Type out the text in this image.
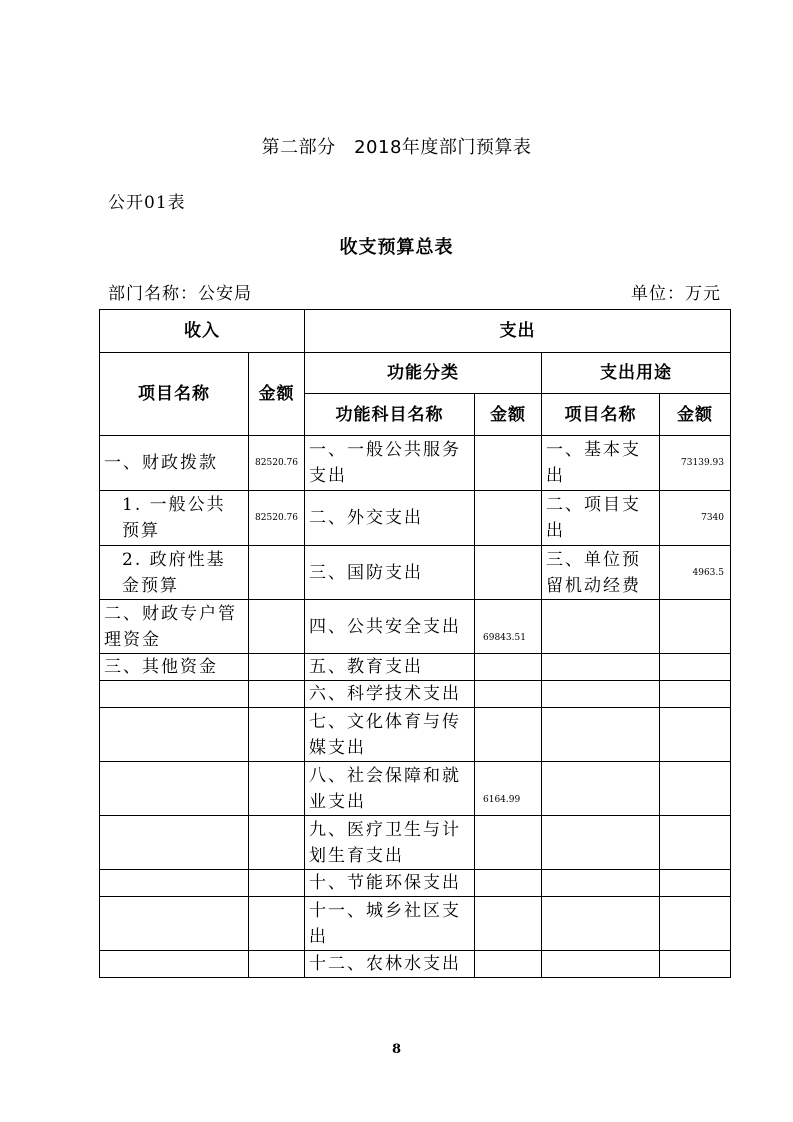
第二部分　2018年度部门预算表
公开01表
收支预算总表
部门名称：公安局	单位：万元
收入		支出			
项目名称	金额	功能分类		支出用途	
		功能科目名称	金额	项目名称	金额
一、财政拨款	82520.76	一、一般公共服务支出		一、基本支出	73139.93
1. 一般公共预算	82520.76	二、外交支出		二、项目支出	7340
2. 政府性基金预算		三、国防支出		三、单位预留机动经费	4963.5
二、财政专户管理资金		四、公共安全支出	69843.51		
三、其他资金		五、教育支出			
		六、科学技术支出			
		七、文化体育与传媒支出			
		八、社会保障和就业支出	6164.99		
		九、医疗卫生与计划生育支出			
		十、节能环保支出			
		十一、城乡社区支出			
		十二、农林水支出			
8
